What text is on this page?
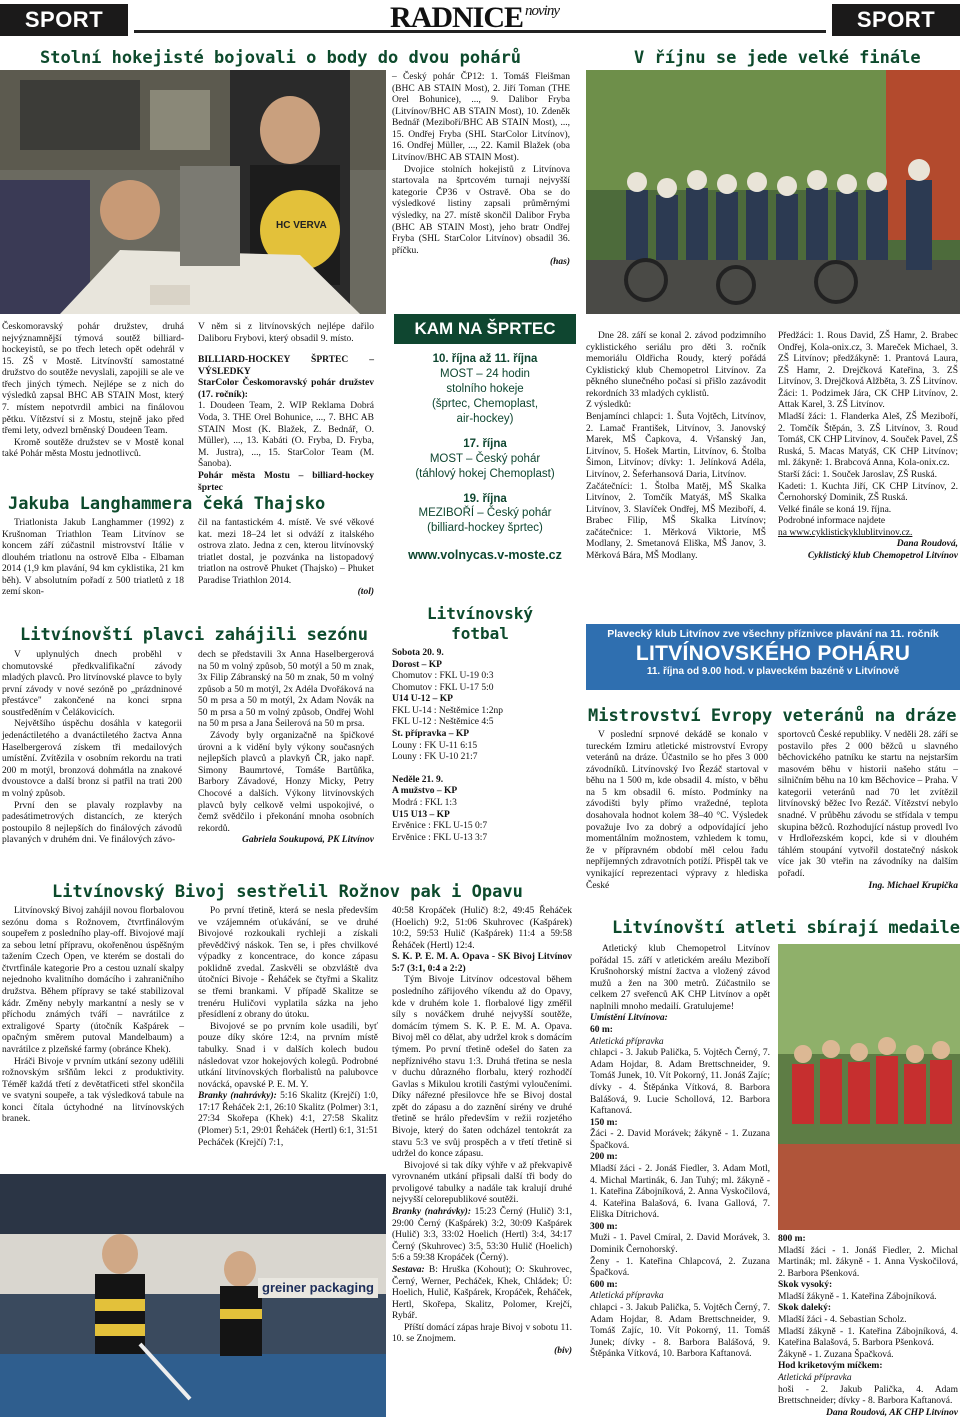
SPORT	RADNICE $^{noviny}$	SPORT
Stolní hokejisté bojovali o body do dvou pohárů
HC VERVA

– Český pohár ČP12: 1. Tomáš Fleišman (BHC AB STAIN Most), 2. Jiří Toman (THE Orel Bohunice), ..., 9. Dalibor Fryba (Litvínov/BHC AB STAIN Most), 10. Zdeněk Bednář (Meziboří/BHC AB STAIN Most), ..., 15. Ondřej Fryba (SHL StarColor Litvínov), 16. Ondřej Müller, ..., 22. Kamil Blažek (oba Litvínov/BHC AB STAIN Most).

Dvojice stolních hokejistů z Litvínova startovala na šprtcovém turnaji nejvyšší kategorie ČP36 v Ostravě. Oba se do výsledkové listiny zapsali průměrnými výsledky, na 27. místě skončil Dalibor Fryba (BHC AB STAIN Most), jeho bratr Ondřej Fryba (SHL StarColor Litvínov) obsadil 36. příčku.

(has)

Českomoravský pohár družstev, druhá nejvýznamnější týmová soutěž billiard-hockeyistů, se po třech letech opět odehrál v 15. ZŠ v Mostě. Litvínovští samostatné družstvo do soutěže nevyslali, zapojili se ale ve třech jiných týmech. Nejlépe se z nich do výsledků zapsal BHC AB STAIN Most, který 7. místem nepotvrdil ambici na finálovou pětku. Vítězství si z Mostu, stejně jako před třemi lety, odvezl brněnský Doudeen Team.

Kromě soutěže družstev se v Mostě konal také Pohár města Mostu jednotlivců.

V něm si z litvínovských nejlépe dařilo Daliboru Frybovi, který obsadil 9. místo.

BILLIARD-HOCKEY ŠPRTEC – VÝSLEDKY

StarColor Českomoravský pohár družstev (17. ročník):

1. Doudeen Team, 2. WIP Reklama Dobrá Voda, 3. THE Orel Bohunice, ..., 7. BHC AB STAIN Most (K. Blažek, Z. Bednář, O. Müller), ..., 13. Kabáti (O. Fryba, D. Fryba, M. Justra), ..., 15. StarColor Team (M. Šanoba).

Pohár města Mostu – billiard-hockey šprtec

V říjnu se jede velké finále

Dne 28. září se konal 2. závod podzimního cyklistického seriálu pro děti 3. ročník memoriálu Oldřicha Roudy, který pořádá Cyklistický klub Chemopetrol Litvínov. Za pěkného slunečného počasí si přišlo zazávodit rekordních 33 mladých cyklistů.

Z výsledků:

Benjamínci chlapci: 1. Šuta Vojtěch, Litvínov, 2. Lamač František, Litvínov, 3. Janovský Marek, MŠ Čapkova, 4. Vršanský Jan, Litvínov, 5. Hošek Martin, Litvínov, 6. Štolba Šimon, Litvínov; dívky: 1. Jelínková Adéla, Litvínov, 2. Šeferhansová Daria, Litvínov.

Začátečníci: 1. Štolba Matěj, MŠ Skalka Litvínov, 2. Tomčík Matyáš, MŠ Skalka Litvínov, 3. Slavíček Ondřej, MŠ Meziboří, 4. Brabec Filip, MŠ Skalka Litvínov; začátečnice: 1. Měrková Viktorie, MŠ Modlany, 2. Smetanová Eliška, MŠ Janov, 3. Měrková Bára, MŠ Modlany.

Předžáci: 1. Rous David, ZŠ Hamr, 2. Brabec Ondřej, Kola-onix.cz, 3. Mareček Michael, 3. ZŠ Litvínov; předžákyně: 1. Prantová Laura, ZŠ Hamr, 2. Drejčková Kateřina, 3. ZŠ Litvínov, 3. Drejčková Alžběta, 3. ZŠ Litvínov.

Žáci: 1. Podzimek Jára, CK CHP Litvínov, 2. Attak Karel, 3. ZŠ Litvínov.

Mladší žáci: 1. Flanderka Aleš, ZŠ Meziboří, 2. Tomčík Štěpán, 3. ZŠ Litvínov, 3. Roud Tomáš, CK CHP Litvínov, 4. Souček Pavel, ZŠ Ruská, 5. Macas Matyáš, CK CHP Litvínov; ml. žákyně: 1. Brabcová Anna, Kola-onix.cz.

Starší žáci: 1. Souček Jaroslav, ZŠ Ruská.

Kadeti: 1. Kuchta Jiří, CK CHP Litvínov, 2. Černohorský Dominik, ZŠ Ruská.

Velké finále se koná 19. října.

Podrobné informace najdete

na www.cyklistickyklublitvinov.cz.

Dana Roudová,

Cyklistický klub Chemopetrol Litvínov

KAM NA ŠPRTEC
10. října až 11. října
MOST – 24 hodin
stolního hokeje
(šprtec, Chemoplast,
air-hockey)
17. října
MOST – Český pohár
(táhlový hokej Chemoplast)
19. října
MEZIBOŘÍ – Český pohár
(billiard-hockey šprtec)
www.volnycas.v-moste.cz
Jakuba Langhammera čeká Thajsko

Triatlonista Jakub Langhammer (1992) z Krušnoman Triathlon Team Litvínov se koncem září zúčastnil mistrovství Itálie v dlouhém triatlonu na ostrově Elba - Elbaman 2014 (1,9 km plavání, 94 km cyklistika, 21 km běh). V absolutním pořadí z 500 triatletů z 18 zemí skon-

čil na fantastickém 4. místě. Ve své věkové kat. mezi 18–24 let si odváží z italského ostrova zlato. Jedna z cen, kterou litvínovský triatlet dostal, je pozvánka na listopadový triatlon na ostrově Phuket (Thajsko) – Phuket Paradise Triathlon 2014.

(tol)

Litvínovský
fotbal
Sobota 20. 9.
Dorost – KP
Chomutov : FKL U-19 0:3
Chomutov : FKL U-17 5:0
U14 U-12 – KP
FKL U-14 : Neštěmice 1:2np
FKL U-12 : Neštěmice 4:5
St. přípravka – KP
Louny : FK U-11 6:15
Louny : FK U-10 21:7
Neděle 21. 9.
A mužstvo – KP
Modrá : FKL 1:3
U15 U13 – KP
Ervěnice : FKL U-15 0:7
Ervěnice : FKL U-13 3:7
Litvínovští plavci zahájili sezónu

V uplynulých dnech proběhl v chomutovské předkvalifikační závody mladých plavců. Pro litvínovské plavce to byly první závody v nové sezóně po „prázdninové přestávce" zakončené na konci srpna soustředěním v Čelákovicích.

Největšího úspěchu dosáhla v kategorii jedenáctiletého a dvanáctiletého žactva Anna Haselbergerová získem tři medailových umístění. Zvítězila v osobním rekordu na trati 200 m motýl, bronzová dohmátla na znakové dvoustovce a další bronz si patřil na trati 200 m volný způsob.

První den se plavaly rozplavby na padesátimetrových distancích, ze kterých postoupilo 8 nejlepších do finálových závodů plavaných v druhém dni. Ve finálových závo-

dech se představili 3x Anna Haselbergerová na 50 m volný způsob, 50 motýl a 50 m znak, 3x Filip Zábranský na 50 m znak, 50 m volný způsob a 50 m motýl, 2x Adéla Dvořáková na 50 m prsa a 50 m motýl, 2x Adam Novák na 50 m prsa a 50 m volný způsob, Ondřej Wohl na 50 m prsa a Jana Šeilerová na 50 m prsa.

Závody byly organizačně na špičkové úrovni a k vidění byly výkony současných nejlepších plavců a plavkyň ČR, jako např. Simony Baumrtové, Tomáše Bartůňka, Barbory Závadové, Honzy Micky, Petry Chocové a dalších. Výkony litvínovských plavců byly celkově velmi uspokojivé, o čemž svědčilo i překonání mnoha osobních rekordů.

Gabriela Soukupová, PK Litvínov

Plavecký klub Litvínov zve všechny příznivce plavání na 11. ročník
LITVÍNOVSKÉHO POHÁRU
11. října od 9.00 hod. v plaveckém bazéně v Litvínově
Mistrovství Evropy veteránů na dráze

V poslední srpnové dekádě se konalo v tureckém Izmiru atletické mistrovství Evropy veteránů na dráze. Účastnilo se ho přes 3 000 závodníků. Litvínovský Ivo Řezáč startoval v běhu na 1 500 m, kde obsadil 4. místo, v běhu na 5 km obsadil 6. místo. Podmínky na závodišti byly přímo vražedné, teplota dosahovala hodnot kolem 38–40 °C. Výsledek považuje Ivo za dobrý a odpovídající jeho momentálním možnostem, vzhledem k tomu, že v přípravném období měl celou řadu nepříjemných zdravotních potíží. Přispěl tak ve vynikající reprezentaci výpravy z hlediska České

sportovců České republiky. V neděli 28. září se postavilo přes 2 000 běžců u slavného běchovického patníku ke startu na nejstarším masovém běhu v historii našeho státu – silničním běhu na 10 km Běchovice – Praha. V kategorii veteránů nad 70 let zvítězil litvínovský běžec Ivo Řezáč. Vítězství nebylo snadné. V průběhu závodu se střídala v tempu skupina běžců. Rozhodující nástup provedl Ivo v Hrdlořezském kopci, kde si v dlouhém táhlém stoupání vytvořil dostatečný náskok více jak 30 vteřin na závodníky na dalším pořadí.

Ing. Michael Krupička

Litvínovský Bivoj sestřelil Rožnov pak i Opavu

Litvínovský Bivoj zahájil novou florbalovou sezónu doma s Rožnovem, čtvrtfinálovým soupeřem z posledního play-off. Bivojové mají za sebou letní přípravu, okořeněnou úspěšným tažením Czech Open, ve kterém se dostali do čtvrtfinále kategorie Pro a cestou uznalí skalpy nejednoho kvalitního domácího i zahraničního družstva. Během přípravy se také stabilizoval kádr. Změny nebyly markantní a nesly se v příchodu známých tváří – navrátilce z extraligové Sparty (útočník Kašpárek – opačným směrem putoval Mandelbaum) a navrátilce z plzeňské farmy (obránce Khek).

Hráči Bivoje v prvním utkání sezony udělili rožnovským sršňům lekci z produktivity. Téměř každá třetí z devětatřiceti střel skončila ve svatyni soupeře, a tak výsledková tabule na konci čítala úctyhodné na litvínovských branek.

Po první třetině, která se nesla především ve vzájemném oťukávání, se ve druhé Bivojové rozkoukali rychleji a získali převědčivý náskok. Ten se, i přes chvilkové výpadky z koncentrace, do konce zápasu poklidně zvedal. Zaskvěli se obzvláště dva útočníci Bivoje - Řeháček se čtyřmi a Skalitz se třemi brankami. V případě Skalitze se trenéru Huličovi vyplatila sázka na jeho přesídlení z obrany do útoku.

Bivojové se po prvním kole usadili, byť pouze díky skóre 12:4, na prvním místě tabulky. Snad i v dalších kolech budou následovat vzor hokejových kolegů. Podrobné utkání litvínovských florbalistů na palubovce novácká, opavské P. E. M. Y.

Branky (nahrávky): 5:16 Skalitz (Krejčí) 1:0, 17:17 Řeháček 2:1, 26:10 Skalitz (Polmer) 3:1, 27:34 Skořepa (Khek) 4:1, 27:58 Skalitz (Plomer) 5:1, 29:01 Řeháček (Hertl) 6:1, 31:51 Pecháček (Krejčí) 7:1,

40:58 Kropáček (Hulič) 8:2, 49:45 Řeháček (Hoelich) 9:2, 51:06 Skuhrovec (Kašpárek) 10:2, 59:53 Hulič (Kašpárek) 11:4 a 59:58 Řeháček (Hertl) 12:4.

S. K. P. E. M. A. Opava - SK Bivoj Litvínov 5:7 (3:1, 0:4 a 2:2)

Tým Bivoje Litvínov odcestoval během posledního zářijového víkendu až do Opavy, kde v druhém kole 1. florbalové ligy změřil síly s nováčkem druhé nejvyšší soutěže, domácím týmem S. K. P. E. M. A. Opava. Bivoj měl co dělat, aby udržel krok s domácím týmem. Po první třetině odešel do šaten za nepříznivého stavu 1:3. Druhá třetina se nesla v duchu důrazného florbalu, který rozhodčí Gavlas s Mikulou krotili častými vyloučeními. Díky nářezné přesilovce hře se Bivoj dostal zpět do zápasu a do zaznění sirény ve druhé třetině se hrálo především v režii rozjetého Bivoje, který do šaten odcházel tentokrát za stavu 5:3 ve svůj prospěch a v třetí třetině si udržel do konce zápasu.

Bivojové si tak díky výhře v až překvapivě vyrovnaném utkání připsali další tři body do prvoligové tabulky a nadále tak kralují druhé nejvyšší celorepublikové soutěži.

Branky (nahrávky): 15:23 Černý (Hulič) 3:1, 29:00 Černý (Kašpárek) 3:2, 30:09 Kašpárek (Hulič) 3:3, 33:02 Hoelich (Hertl) 3:4, 34:17 Černý (Skuhrovec) 3:5, 53:30 Hulič (Hoelich) 5:6 a 59:38 Kropáček (Černý).

Sestava: B: Hruška (Kohout); O: Skuhrovec, Černý, Werner, Pecháček, Khek, Chládek; Ú: Hoelich, Hulič, Kašpárek, Kropáček, Řeháček, Hertl, Skořepa, Skalitz, Polomer, Krejčí, Rybář.

Příští domácí zápas hraje Bivoj v sobotu 11. 10. se Znojmem.

(biv)

greiner packaging
Litvínovští atleti sbírají medaile

Atletický klub Chemopetrol Litvínov pořádal 15. září v atletickém areálu Meziboří Krušnohorský místní žactva a vložený závod mužů a žen na 300 metrů. Zúčastnilo se celkem 27 sveřenců AK CHP Litvínov a opět naplnili mnoho medailí. Gratulujeme!

Umístění Litvínova:
60 m:
Atletická přípravka
chlapci - 3. Jakub Palička, 5. Vojtěch Černý, 7. Adam Hojdar, 8. Adam Brettschneider, 9. Tomáš Junek, 10. Vít Pokorný, 11. Jonáš Zajíc; dívky - 4. Štěpánka Vítková, 8. Barbora Balášová, 9. Lucie Schollová, 12. Barbora Kaftanová.
150 m:
Žáci - 2. David Morávek; žákyně - 1. Zuzana Špačková.
200 m:
Mladší žáci - 2. Jonáš Fiedler, 3. Adam Motl, 4. Michal Martinák, 6. Jan Tuhý; ml. žákyně - 1. Kateřina Zábojníková, 2. Anna Vyskočilová, 4. Kateřina Balašová, 6. Ivana Gallová, 7. Eliška Dítrichová.
300 m:
Muži - 1. Pavel Cmíral, 2. David Morávek, 3. Dominik Černohorský.
Ženy - 1. Kateřina Chlapcová, 2. Zuzana Špačková.
600 m:
Atletická přípravka
chlapci - 3. Jakub Palička, 5. Vojtěch Černý, 7. Adam Hojdar, 8. Adam Brettschneider, 9. Tomáš Zajíc, 10. Vít Pokorný, 11. Tomáš Junek; dívky - 8. Barbora Balášová, 9. Štěpánka Vítková, 10. Barbora Kaftanová.
800 m:
Mladší žáci - 1. Jonáš Fiedler, 2. Michal Martinák; ml. žákyně - 1. Anna Vyskočilová, 2. Barbora Pšenková.
Skok vysoký:
Mladší žákyně - 1. Kateřina Zábojníková.
Skok daleký:
Mladší žáci - 4. Sebastian Scholz.
Mladší žákyně - 1. Kateřina Zábojníková, 4. Kateřina Balašová, 5. Barbora Pšenková.
Žákyně - 1. Zuzana Špačková.
Hod kriketovým míčkem:
Atletická přípravka
hoši - 2. Jakub Palička, 4. Adam Brettschneider; dívky - 8. Barbora Kaftanová.

Dana Roudová, AK CHP Litvínov
